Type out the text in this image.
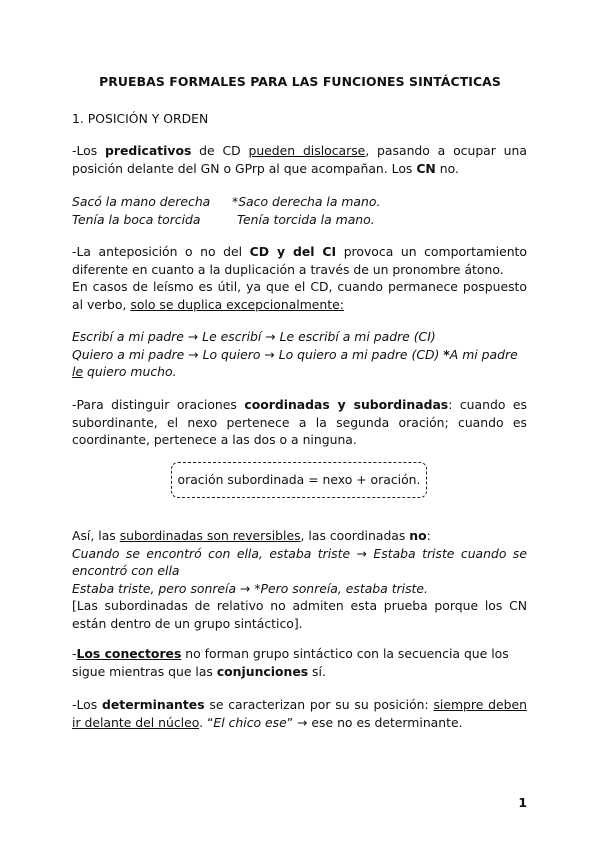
PRUEBAS FORMALES PARA LAS FUNCIONES SINTÁCTICAS
1. POSICIÓN Y ORDEN

-Los predicativos de CD pueden dislocarse, pasando a ocupar una posición delante del GN o GPrp al que acompañan. Los CN no.

Sacó la mano derecha *Saco derecha la mano.
Tenía la boca torcida	Tenía torcida la mano.

-La anteposición o no del CD y del CI provoca un comportamiento diferente en cuanto a la duplicación a través de un pronombre átono.

En casos de leísmo es útil, ya que el CD, cuando permanece pospuesto al verbo, solo se duplica excepcionalmente:

Escribí a mi padre → Le escribí → Le escribí a mi padre (CI)
Quiero a mi padre → Lo quiero → Lo quiero a mi padre (CD) *A mi padre le quiero mucho.

-Para distinguir oraciones coordinadas y subordinadas: cuando es subordinante, el nexo pertenece a la segunda oración; cuando es coordinante, pertenece a las dos o a ninguna.

oración subordinada = nexo + oración.
Así, las subordinadas son reversibles, las coordinadas no:
Cuando se encontró con ella, estaba triste → Estaba triste cuando se encontró con ella
Estaba triste, pero sonreía → *Pero sonreía, estaba triste.
[Las subordinadas de relativo no admiten esta prueba porque los CN están dentro de un grupo sintáctico].

-Los conectores no forman grupo sintáctico con la secuencia que los sigue mientras que las conjunciones sí.

-Los determinantes se caracterizan por su su posición: siempre deben ir delante del núcleo. “El chico ese” → ese no es determinante.

1
